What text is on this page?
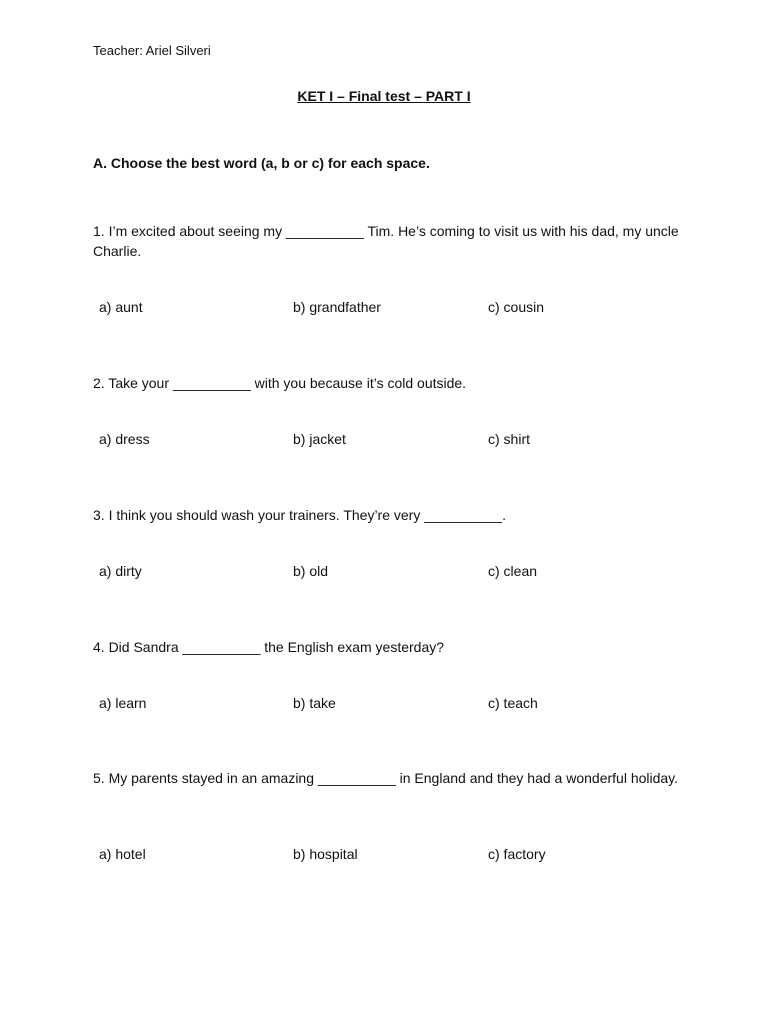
Teacher: Ariel Silveri
KET I – Final test – PART I
A. Choose the best word (a, b or c) for each space.
1. I’m excited about seeing my __________ Tim. He’s coming to visit us with his dad, my uncle Charlie.
a) aunt	b) grandfather	c) cousin
2. Take your __________ with you because it’s cold outside.
a) dress	b) jacket	c) shirt
3. I think you should wash your trainers. They’re very __________.
a) dirty	b) old	c) clean
4. Did Sandra __________ the English exam yesterday?
a) learn	b) take	c) teach
5. My parents stayed in an amazing __________ in England and they had a wonderful holiday.
a) hotel	b) hospital	c) factory
